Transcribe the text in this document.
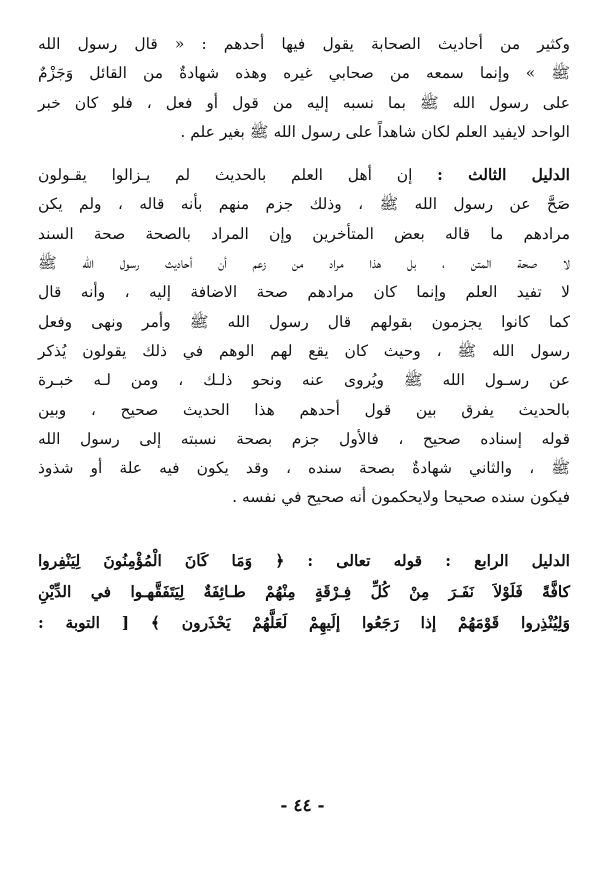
وكثير من أحاديث الصحابة يقول فيها أحدهم : « قال رسول الله

ﷺ » وإنما سمعه من صحابي غيره وهذه شهادةٌ من القائل وَجَزْمٌ

على رسول الله ﷺ بما نسبه إليه من قول أو فعل ، فلو كان خبر

الواحد لايفيد العلم لكان شاهداً على رسول الله ﷺ بغير علم .

الدليل الثالث : إن أهل العلم بالحديث لم يـزالوا يقـولون

صَحَّ عن رسول الله ﷺ ، وذلك جزم منهم بأنه قاله ، ولم يكن

مرادهم ما قاله بعض المتأخرين وإن المراد بالصحة صحة السند

لا صحة المتن ، بل هذا مراد من زعم أن أحاديث رسول الله ﷺ

لا تفيد العلم وإنما كان مرادهم صحة الاضافة إليه ، وأنه قال

كما كانوا يجزمون بقولهم قال رسول الله ﷺ وأمر ونهى وفعل

رسول الله ﷺ ، وحيث كان يقع لهم الوهم في ذلك يقولون يُذكر

عن رسـول الله ﷺ ويُروى عنه ونحو ذلـك ، ومن لـه خبـرة

بالحديث يفرق بين قول أحدهم هذا الحديث صحيح ، وبين

قوله إسناده صحيح ، فالأول جزم بصحة نسبته إلى رسول الله

ﷺ ، والثاني شهادةٌ بصحة سنده ، وقد يكون فيه علة أو شذوذ

فيكون سنده صحيحا ولايحكمون أنه صحيح في نفسه .

الدليل الرابع : قوله تعالى : ﴿ وَمَا كَانَ الْمُؤْمِنُونَ لِيَنْفِروا

كافَّةً فَلَوْلاَ نَفَـرَ مِنْ كُلِّ فِـرْقَةٍ مِنْهُمْ طـائِفَةٌ لِيَتَفَقَّهـوا في الدِّيْنِ

وَلِيُنْذِروا قَوْمَهُمْ إذا رَجَعُوا إلَيهِمْ لَعَلَّهُمْ يَحْذَرون ﴾ [ التوبة :

- ٤٤ -
